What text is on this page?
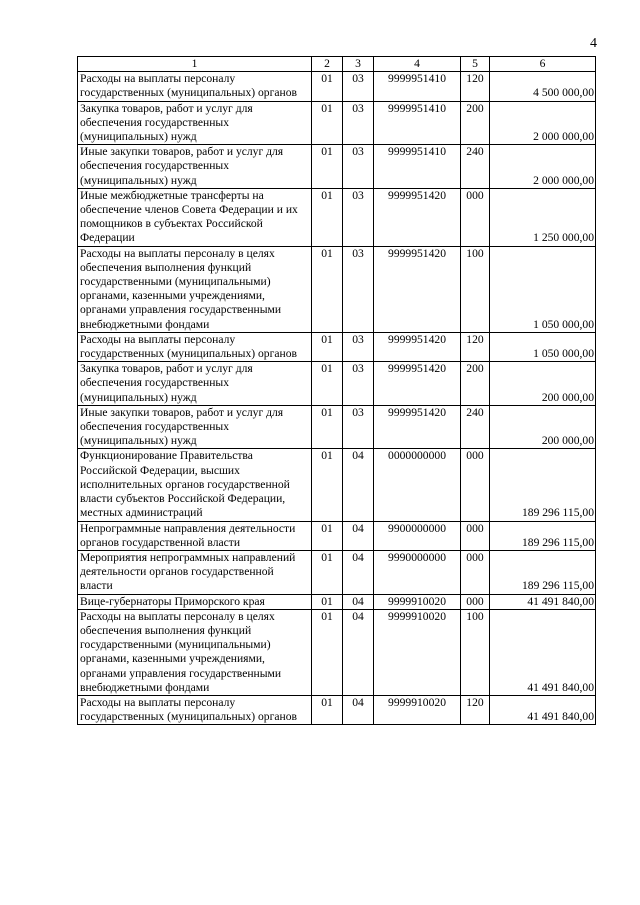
4
1	2	3	4	5	6
Расходы на выплаты персоналу государственных (муниципальных) органов	01	03	9999951410	120	4 500 000,00
Закупка товаров, работ и услуг для обеспечения государственных (муниципальных) нужд	01	03	9999951410	200	2 000 000,00
Иные закупки товаров, работ и услуг для обеспечения государственных (муниципальных) нужд	01	03	9999951410	240	2 000 000,00
Иные межбюджетные трансферты на обеспечение членов Совета Федерации и их помощников в субъектах Российской Федерации	01	03	9999951420	000	1 250 000,00
Расходы на выплаты персоналу в целях обеспечения выполнения функций государственными (муниципальными) органами, казенными учреждениями, органами управления государственными внебюджетными фондами	01	03	9999951420	100	1 050 000,00
Расходы на выплаты персоналу государственных (муниципальных) органов	01	03	9999951420	120	1 050 000,00
Закупка товаров, работ и услуг для обеспечения государственных (муниципальных) нужд	01	03	9999951420	200	200 000,00
Иные закупки товаров, работ и услуг для обеспечения государственных (муниципальных) нужд	01	03	9999951420	240	200 000,00
Функционирование Правительства Российской Федерации, высших исполнительных органов государственной власти субъектов Российской Федерации, местных администраций	01	04	0000000000	000	189 296 115,00
Непрограммные направления деятельности органов государственной власти	01	04	9900000000	000	189 296 115,00
Мероприятия непрограммных направлений деятельности органов государственной власти	01	04	9990000000	000	189 296 115,00
Вице-губернаторы Приморского края	01	04	9999910020	000	41 491 840,00
Расходы на выплаты персоналу в целях обеспечения выполнения функций государственными (муниципальными) органами, казенными учреждениями, органами управления государственными внебюджетными фондами	01	04	9999910020	100	41 491 840,00
Расходы на выплаты персоналу государственных (муниципальных) органов	01	04	9999910020	120	41 491 840,00
